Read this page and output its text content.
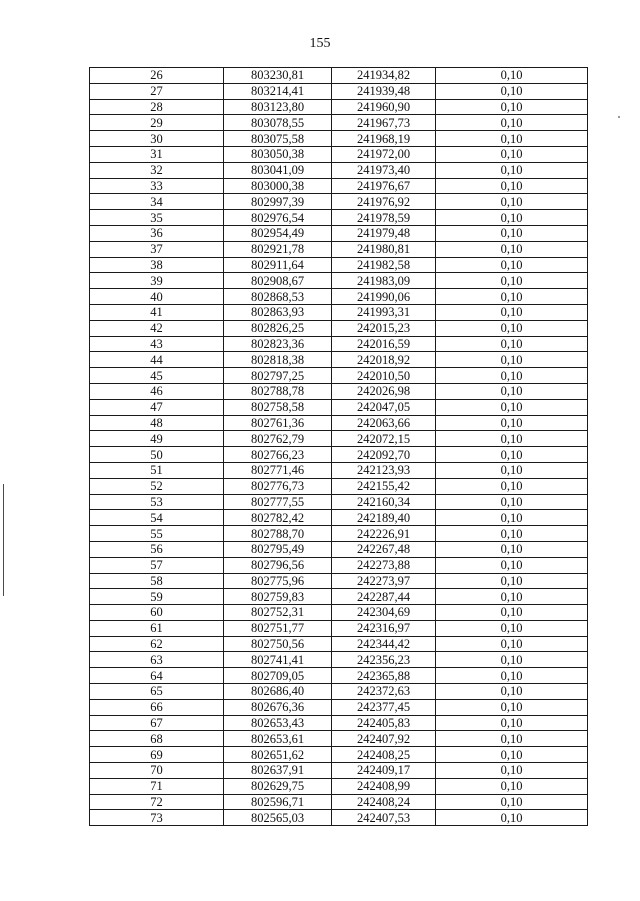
155
26	803230,81	241934,82	0,10
27	803214,41	241939,48	0,10
28	803123,80	241960,90	0,10
29	803078,55	241967,73	0,10
30	803075,58	241968,19	0,10
31	803050,38	241972,00	0,10
32	803041,09	241973,40	0,10
33	803000,38	241976,67	0,10
34	802997,39	241976,92	0,10
35	802976,54	241978,59	0,10
36	802954,49	241979,48	0,10
37	802921,78	241980,81	0,10
38	802911,64	241982,58	0,10
39	802908,67	241983,09	0,10
40	802868,53	241990,06	0,10
41	802863,93	241993,31	0,10
42	802826,25	242015,23	0,10
43	802823,36	242016,59	0,10
44	802818,38	242018,92	0,10
45	802797,25	242010,50	0,10
46	802788,78	242026,98	0,10
47	802758,58	242047,05	0,10
48	802761,36	242063,66	0,10
49	802762,79	242072,15	0,10
50	802766,23	242092,70	0,10
51	802771,46	242123,93	0,10
52	802776,73	242155,42	0,10
53	802777,55	242160,34	0,10
54	802782,42	242189,40	0,10
55	802788,70	242226,91	0,10
56	802795,49	242267,48	0,10
57	802796,56	242273,88	0,10
58	802775,96	242273,97	0,10
59	802759,83	242287,44	0,10
60	802752,31	242304,69	0,10
61	802751,77	242316,97	0,10
62	802750,56	242344,42	0,10
63	802741,41	242356,23	0,10
64	802709,05	242365,88	0,10
65	802686,40	242372,63	0,10
66	802676,36	242377,45	0,10
67	802653,43	242405,83	0,10
68	802653,61	242407,92	0,10
69	802651,62	242408,25	0,10
70	802637,91	242409,17	0,10
71	802629,75	242408,99	0,10
72	802596,71	242408,24	0,10
73	802565,03	242407,53	0,10
